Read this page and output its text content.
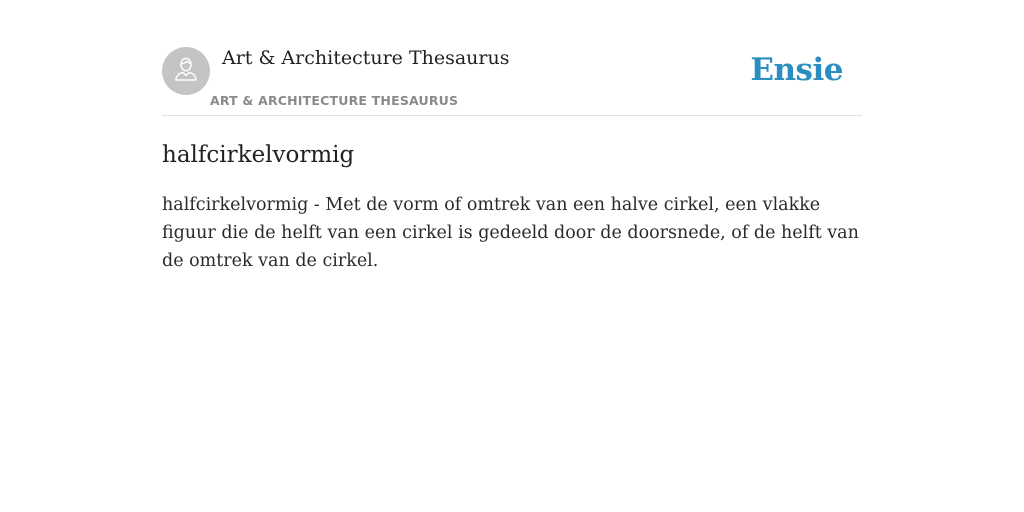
Art & Architecture Thesaurus
ART & ARCHITECTURE THESAURUS
Ensie
halfcirkelvormig

halfcirkelvormig - Met de vorm of omtrek van een halve cirkel, een vlakke figuur die de helft van een cirkel is gedeeld door de doorsnede, of de helft van de omtrek van de cirkel.
